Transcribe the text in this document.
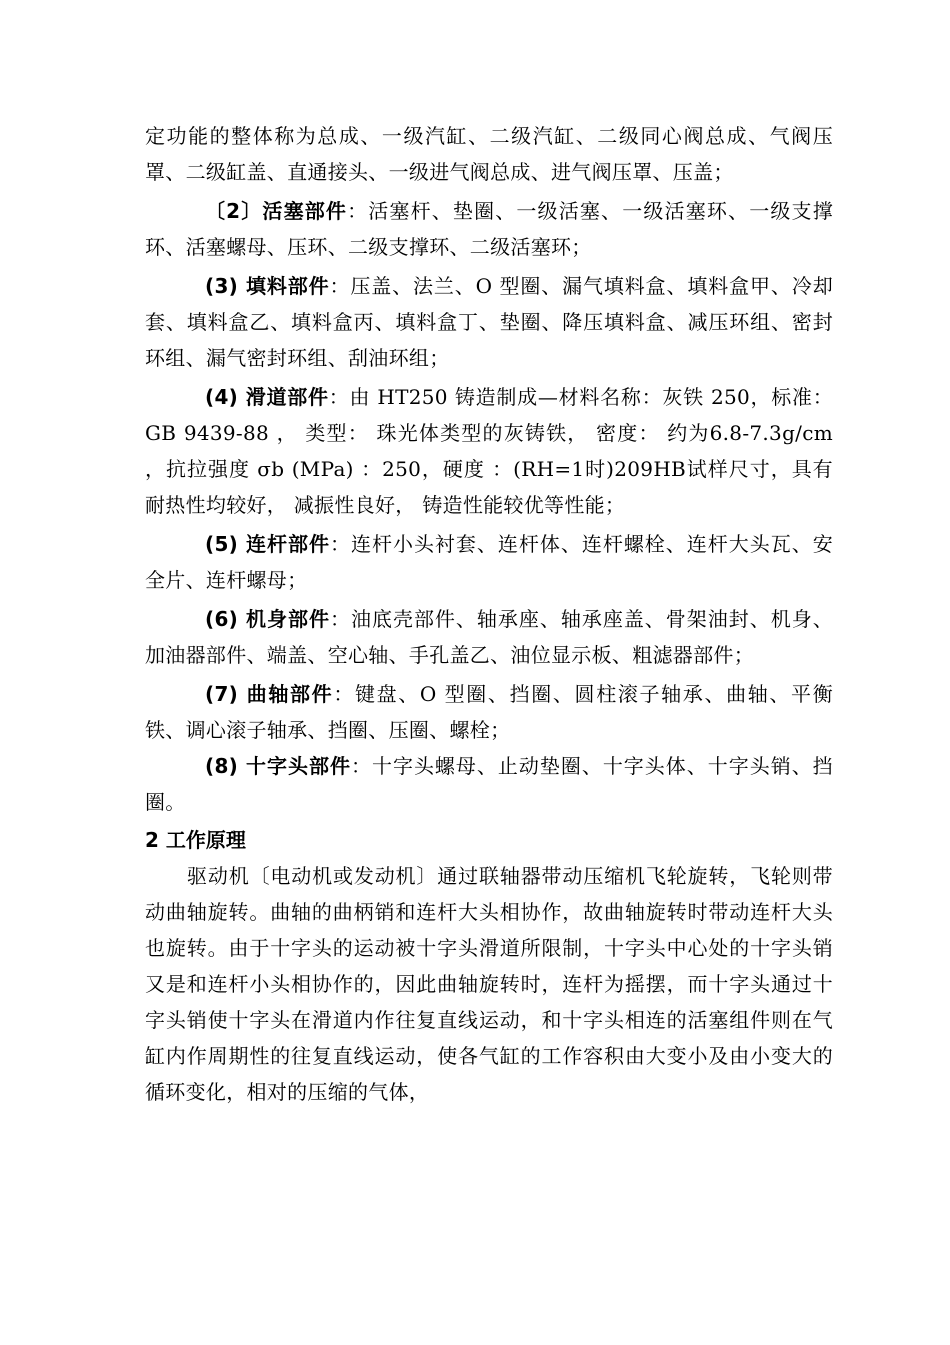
定功能的整体称为总成、一级汽缸、二级汽缸、二级同心阀总成、气阀压罩、二级缸盖、直通接头、一级进气阀总成、进气阀压罩、压盖；

〔2〕活塞部件：活塞杆、垫圈、一级活塞、一级活塞环、一级支撑环、活塞螺母、压环、二级支撑环、二级活塞环；

(3) 填料部件：压盖、法兰、O 型圈、漏气填料盒、填料盒甲、冷却套、填料盒乙、填料盒丙、填料盒丁、垫圈、降压填料盒、减压环组、密封环组、漏气密封环组、刮油环组；

(4) 滑道部件：由 HT250 铸造制成—材料名称：灰铁 250，标准： GB 9439-88 ， 类型： 珠光体类型的灰铸铁， 密度： 约为6.8-7.3g/cm ，抗拉强度 σb (MPa) ：250，硬度 ：(RH=1时)209HB试样尺寸，具有耐热性均较好， 减振性良好， 铸造性能较优等性能；

(5) 连杆部件：连杆小头衬套、连杆体、连杆螺栓、连杆大头瓦、安全片、连杆螺母；

(6) 机身部件：油底壳部件、轴承座、轴承座盖、骨架油封、机身、加油器部件、端盖、空心轴、手孔盖乙、油位显示板、粗滤器部件；

(7) 曲轴部件：键盘、O 型圈、挡圈、圆柱滚子轴承、曲轴、平衡铁、调心滚子轴承、挡圈、压圈、螺栓；

(8) 十字头部件：十字头螺母、止动垫圈、十字头体、十字头销、挡圈。

2 工作原理

驱动机〔电动机或发动机〕通过联轴器带动压缩机飞轮旋转，飞轮则带动曲轴旋转。曲轴的曲柄销和连杆大头相协作，故曲轴旋转时带动连杆大头也旋转。由于十字头的运动被十字头滑道所限制，十字头中心处的十字头销又是和连杆小头相协作的，因此曲轴旋转时，连杆为摇摆，而十字头通过十字头销使十字头在滑道内作往复直线运动，和十字头相连的活塞组件则在气缸内作周期性的往复直线运动，使各气缸的工作容积由大变小及由小变大的循环变化，相对的压缩的气体，
